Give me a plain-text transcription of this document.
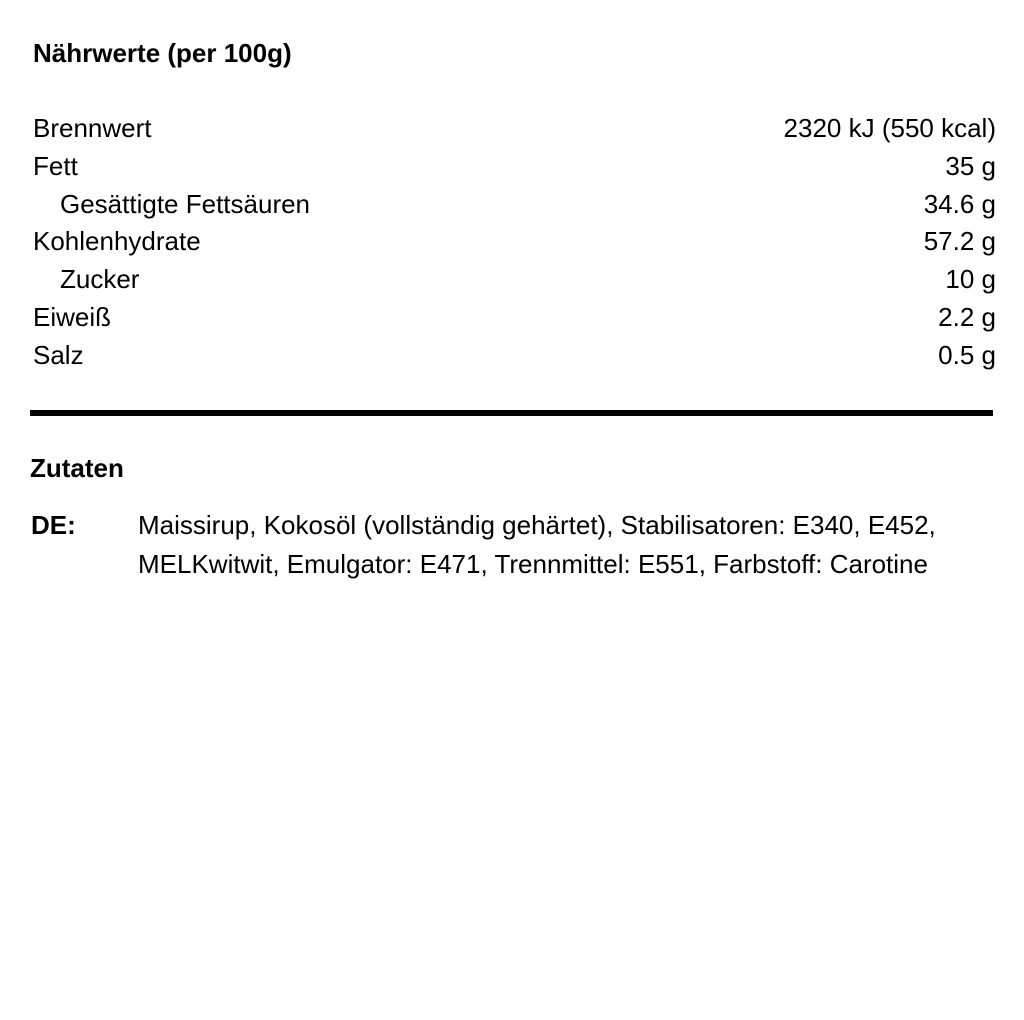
Nährwerte (per 100g)
Brennwert	2320 kJ (550 kcal)
Fett	35 g
Gesättigte Fettsäuren	34.6 g
Kohlenhydrate	57.2 g
Zucker	10 g
Eiweiß	2.2 g
Salz	0.5 g
Zutaten
DE: Maissirup, Kokosöl (vollständig gehärtet), Stabilisatoren: E340, E452, MELKwitwit, Emulgator: E471, Trennmittel: E551, Farbstoff: Carotine
